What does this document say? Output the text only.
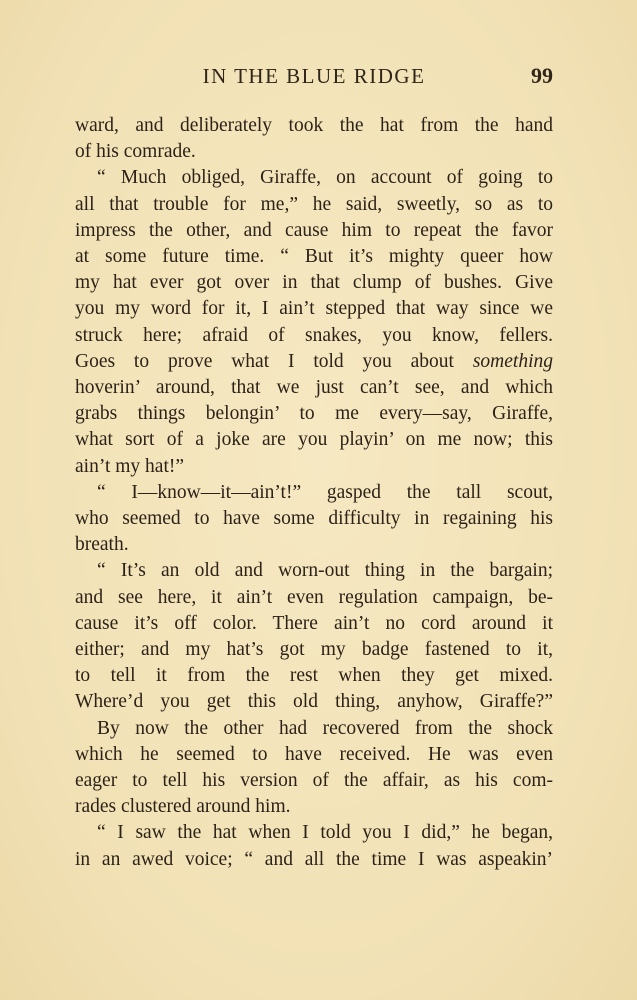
IN THE BLUE RIDGE	99

ward, and deliberately took the hat from the hand

of his comrade.

“ Much obliged, Giraffe, on account of going to

all that trouble for me,” he said, sweetly, so as to

impress the other, and cause him to repeat the favor

at some future time. “ But it’s mighty queer how

my hat ever got over in that clump of bushes. Give

you my word for it, I ain’t stepped that way since we

struck here; afraid of snakes, you know, fellers.

Goes to prove what I told you about something

hoverin’ around, that we just can’t see, and which

grabs things belongin’ to me every—say, Giraffe,

what sort of a joke are you playin’ on me now; this

ain’t my hat!”

“ I—know—it—ain’t!” gasped the tall scout,

who seemed to have some difficulty in regaining his

breath.

“ It’s an old and worn-out thing in the bargain;

and see here, it ain’t even regulation campaign, be-

cause it’s off color. There ain’t no cord around it

either; and my hat’s got my badge fastened to it,

to tell it from the rest when they get mixed.

Where’d you get this old thing, anyhow, Giraffe?”

By now the other had recovered from the shock

which he seemed to have received. He was even

eager to tell his version of the affair, as his com-

rades clustered around him.

“ I saw the hat when I told you I did,” he began,

in an awed voice; “ and all the time I was aspeakin’
